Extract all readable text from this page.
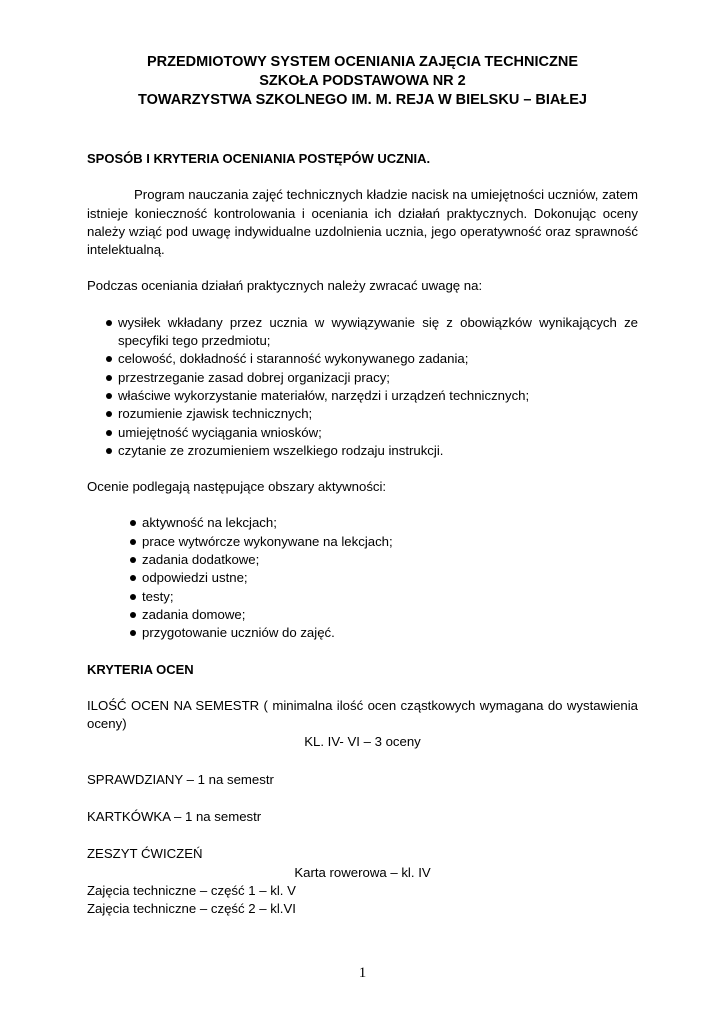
PRZEDMIOTOWY SYSTEM OCENIANIA ZAJĘCIA TECHNICZNE
SZKOŁA PODSTAWOWA NR 2
TOWARZYSTWA SZKOLNEGO IM. M. REJA W BIELSKU – BIAŁEJ

SPOSÓB I KRYTERIA OCENIANIA POSTĘPÓW UCZNIA.

Program nauczania zajęć technicznych kładzie nacisk na umiejętności uczniów, zatem istnieje konieczność kontrolowania i oceniania ich działań praktycznych. Dokonując oceny należy wziąć pod uwagę indywidualne uzdolnienia ucznia, jego operatywność oraz sprawność intelektualną.

Podczas oceniania działań praktycznych należy zwracać uwagę na:

wysiłek wkładany przez ucznia w wywiązywanie się z obowiązków wynikających ze specyfiki tego przedmiotu;
celowość, dokładność i staranność wykonywanego zadania;
przestrzeganie zasad dobrej organizacji pracy;
właściwe wykorzystanie materiałów, narzędzi i urządzeń technicznych;
rozumienie zjawisk technicznych;
umiejętność wyciągania wniosków;
czytanie ze zrozumieniem wszelkiego rodzaju instrukcji.

Ocenie podlegają następujące obszary aktywności:

aktywność na lekcjach;
prace wytwórcze wykonywane na lekcjach;
zadania dodatkowe;
odpowiedzi ustne;
testy;
zadania domowe;
przygotowanie uczniów do zajęć.

KRYTERIA OCEN

ILOŚĆ OCEN NA SEMESTR ( minimalna ilość ocen cząstkowych wymagana do wystawienia oceny)

KL. IV- VI – 3 oceny

SPRAWDZIANY – 1 na semestr

KARTKÓWKA – 1 na semestr

ZESZYT ĆWICZEŃ

Karta rowerowa – kl. IV

Zajęcia techniczne – część 1 – kl. V

Zajęcia techniczne – część 2 – kl.VI

1
